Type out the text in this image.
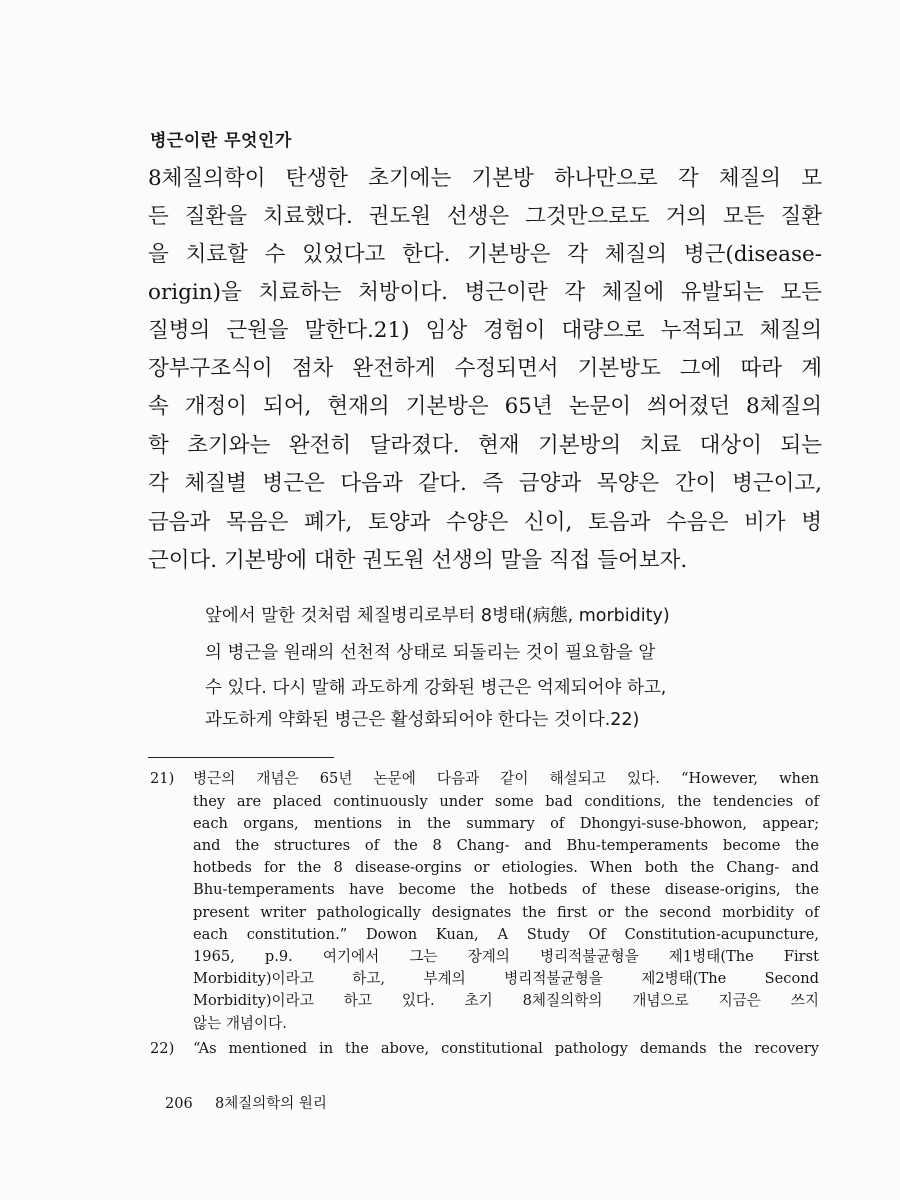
병근이란 무엇인가
8체질의학이 탄생한 초기에는 기본방 하나만으로 각 체질의 모
든 질환을 치료했다. 권도원 선생은 그것만으로도 거의 모든 질환
을 치료할 수 있었다고 한다. 기본방은 각 체질의 병근(disease-
origin)을 치료하는 처방이다. 병근이란 각 체질에 유발되는 모든
질병의 근원을 말한다.21) 임상 경험이 대량으로 누적되고 체질의
장부구조식이 점차 완전하게 수정되면서 기본방도 그에 따라 계
속 개정이 되어, 현재의 기본방은 65년 논문이 씌어졌던 8체질의
학 초기와는 완전히 달라졌다. 현재 기본방의 치료 대상이 되는
각 체질별 병근은 다음과 같다. 즉 금양과 목양은 간이 병근이고,
금음과 목음은 폐가, 토양과 수양은 신이, 토음과 수음은 비가 병
근이다. 기본방에 대한 권도원 선생의 말을 직접 들어보자.
앞에서 말한 것처럼 체질병리로부터 8병태(病態, morbidity)
의 병근을 원래의 선천적 상태로 되돌리는 것이 필요함을 알
수 있다. 다시 말해 과도하게 강화된 병근은 억제되어야 하고,
과도하게 약화된 병근은 활성화되어야 한다는 것이다.22)
21) 병근의 개념은 65년 논문에 다음과 같이 해설되고 있다. “However, when
they are placed continuously under some bad conditions, the tendencies of
each organs, mentions in the summary of Dhongyi-suse-bhowon, appear;
and the structures of the 8 Chang- and Bhu-temperaments become the
hotbeds for the 8 disease-orgins or etiologies. When both the Chang- and
Bhu-temperaments have become the hotbeds of these disease-origins, the
present writer pathologically designates the first or the second morbidity of
each constitution.” Dowon Kuan, A Study Of Constitution-acupuncture,
1965, p.9. 여기에서 그는 장계의 병리적불균형을 제1병태(The First
Morbidity)이라고 하고, 부계의 병리적불균형을 제2병태(The Second
Morbidity)이라고 하고 있다. 초기 8체질의학의 개념으로 지금은 쓰지
않는 개념이다.
22) “As mentioned in the above, constitutional pathology demands the recovery
206 8체질의학의 원리
